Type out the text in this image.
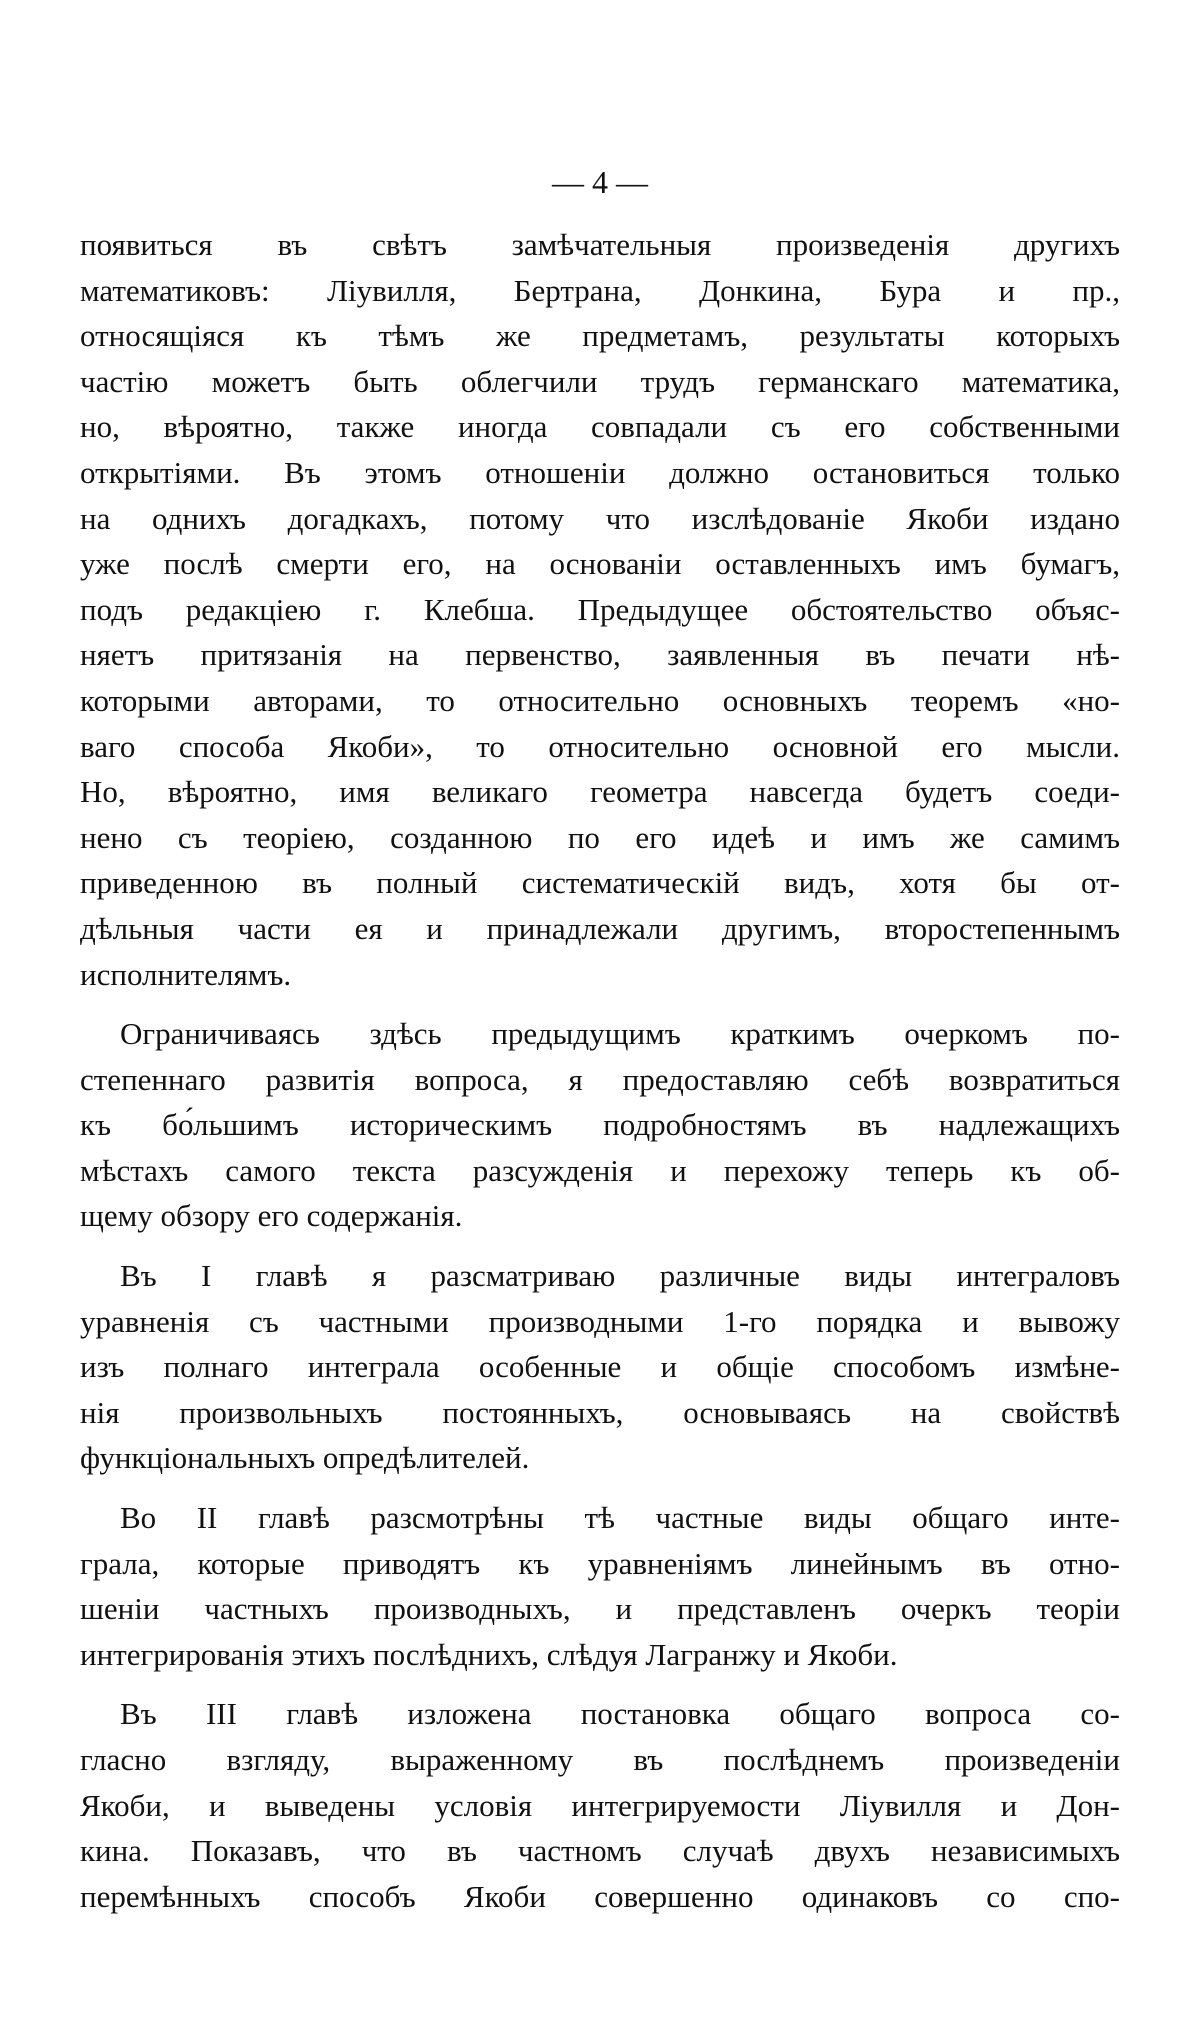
— 4 —
появиться въ свѣтъ замѣчательныя произведенія другихъ
математиковъ: Ліувилля, Бертрана, Донкина, Бура и пр.,
относящіяся къ тѣмъ же предметамъ, результаты которыхъ
частію можетъ быть облегчили трудъ германскаго математика,
но, вѣроятно, также иногда совпадали съ его собственными
открытіями. Въ этомъ отношеніи должно остановиться только
на однихъ догадкахъ, потому что изслѣдованіе Якоби издано
уже послѣ смерти его, на основаніи оставленныхъ имъ бумагъ,
подъ редакціею г. Клебша. Предыдущее обстоятельство объяс-
няетъ притязанія на первенство, заявленныя въ печати нѣ-
которыми авторами, то относительно основныхъ теоремъ «но-
ваго способа Якоби», то относительно основной его мысли.
Но, вѣроятно, имя великаго геометра навсегда будетъ соеди-
нено съ теоріею, созданною по его идеѣ и имъ же самимъ
приведенною въ полный систематическій видъ, хотя бы от-
дѣльныя части ея и принадлежали другимъ, второстепеннымъ
исполнителямъ.
Ограничиваясь здѣсь предыдущимъ краткимъ очеркомъ по-
степеннаго развитія вопроса, я предоставляю себѣ возвратиться
къ бо́льшимъ историческимъ подробностямъ въ надлежащихъ
мѣстахъ самого текста разсужденія и перехожу теперь къ об-
щему обзору его содержанія.
Въ I главѣ я разсматриваю различные виды интеграловъ
уравненія съ частными производными 1-го порядка и вывожу
изъ полнаго интеграла особенные и общіе способомъ измѣне-
нія произвольныхъ постоянныхъ, основываясь на свойствѣ
функціональныхъ опредѣлителей.
Во II главѣ разсмотрѣны тѣ частные виды общаго инте-
грала, которые приводятъ къ уравненіямъ линейнымъ въ отно-
шеніи частныхъ производныхъ, и представленъ очеркъ теоріи
интегрированія этихъ послѣднихъ, слѣдуя Лагранжу и Якоби.
Въ III главѣ изложена постановка общаго вопроса со-
гласно взгляду, выраженному въ послѣднемъ произведеніи
Якоби, и выведены условія интегрируемости Ліувилля и Дон-
кина. Показавъ, что въ частномъ случаѣ двухъ независимыхъ
перемѣнныхъ способъ Якоби совершенно одинаковъ со спо-
